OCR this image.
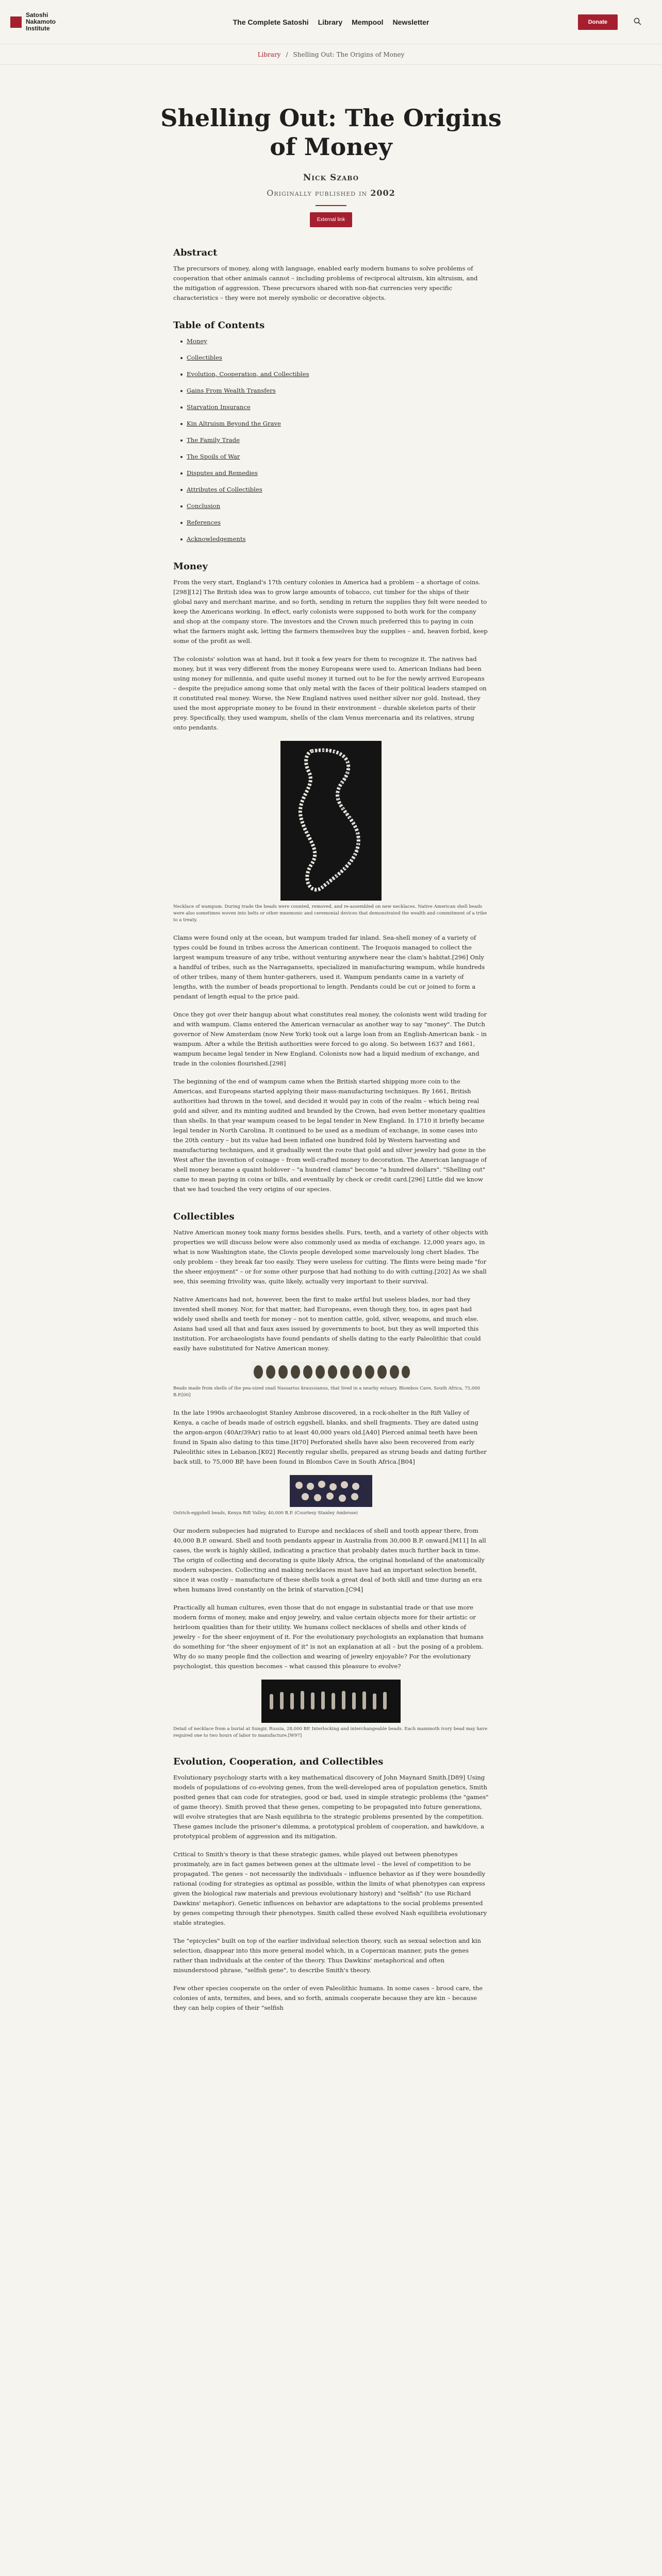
Satoshi Nakamoto Institute
The Complete Satoshi Library Mempool Newsletter	Donate
Library / Shelling Out: The Origins of Money
Shelling Out: The Origins of Money
Nick Szabo
Originally published in 2002
External link
Abstract

The precursors of money, along with language, enabled early modern humans to solve problems of cooperation that other animals cannot – including problems of reciprocal altruism, kin altruism, and the mitigation of aggression. These precursors shared with non-fiat currencies very specific characteristics – they were not merely symbolic or decorative objects.

Table of Contents
Money
Collectibles
Evolution, Cooperation, and Collectibles
Gains From Wealth Transfers
Starvation Insurance
Kin Altruism Beyond the Grave
The Family Trade
The Spoils of War
Disputes and Remedies
Attributes of Collectibles
Conclusion
References
Acknowledgements
Money

From the very start, England's 17th century colonies in America had a problem – a shortage of coins.[298][12] The British idea was to grow large amounts of tobacco, cut timber for the ships of their global navy and merchant marine, and so forth, sending in return the supplies they felt were needed to keep the Americans working. In effect, early colonists were supposed to both work for the company and shop at the company store. The investors and the Crown much preferred this to paying in coin what the farmers might ask, letting the farmers themselves buy the supplies – and, heaven forbid, keep some of the profit as well.

The colonists' solution was at hand, but it took a few years for them to recognize it. The natives had money, but it was very different from the money Europeans were used to. American Indians had been using money for millennia, and quite useful money it turned out to be for the newly arrived Europeans – despite the prejudice among some that only metal with the faces of their political leaders stamped on it constituted real money. Worse, the New England natives used neither silver nor gold. Instead, they used the most appropriate money to be found in their environment – durable skeleton parts of their prey. Specifically, they used wampum, shells of the clam Venus mercenaria and its relatives, strung onto pendants.

Necklace of wampum. During trade the beads were counted, removed, and re-assembled on new necklaces. Native American shell beads were also sometimes woven into belts or other mnemonic and ceremonial devices that demonstrated the wealth and commitment of a tribe to a treaty.

Clams were found only at the ocean, but wampum traded far inland. Sea-shell money of a variety of types could be found in tribes across the American continent. The Iroquois managed to collect the largest wampum treasure of any tribe, without venturing anywhere near the clam's habitat.[296] Only a handful of tribes, such as the Narragansetts, specialized in manufacturing wampum, while hundreds of other tribes, many of them hunter-gatherers, used it. Wampum pendants came in a variety of lengths, with the number of beads proportional to length. Pendants could be cut or joined to form a pendant of length equal to the price paid.

Once they got over their hangup about what constitutes real money, the colonists went wild trading for and with wampum. Clams entered the American vernacular as another way to say "money". The Dutch governor of New Amsterdam (now New York) took out a large loan from an English-American bank – in wampum. After a while the British authorities were forced to go along. So between 1637 and 1661, wampum became legal tender in New England. Colonists now had a liquid medium of exchange, and trade in the colonies flourished.[298]

The beginning of the end of wampum came when the British started shipping more coin to the Americas, and Europeans started applying their mass-manufacturing techniques. By 1661, British authorities had thrown in the towel, and decided it would pay in coin of the realm – which being real gold and silver, and its minting audited and branded by the Crown, had even better monetary qualities than shells. In that year wampum ceased to be legal tender in New England. In 1710 it briefly became legal tender in North Carolina. It continued to be used as a medium of exchange, in some cases into the 20th century – but its value had been inflated one hundred fold by Western harvesting and manufacturing techniques, and it gradually went the route that gold and silver jewelry had gone in the West after the invention of coinage – from well-crafted money to decoration. The American language of shell money became a quaint holdover – "a hundred clams" become "a hundred dollars". "Shelling out" came to mean paying in coins or bills, and eventually by check or credit card.[296] Little did we know that we had touched the very origins of our species.

Collectibles

Native American money took many forms besides shells. Furs, teeth, and a variety of other objects with properties we will discuss below were also commonly used as media of exchange. 12,000 years ago, in what is now Washington state, the Clovis people developed some marvelously long chert blades. The only problem – they break far too easily. They were useless for cutting. The flints were being made "for the sheer enjoyment" – or for some other purpose that had nothing to do with cutting.[202] As we shall see, this seeming frivolity was, quite likely, actually very important to their survival.

Native Americans had not, however, been the first to make artful but useless blades, nor had they invented shell money. Nor, for that matter, had Europeans, even though they, too, in ages past had widely used shells and teeth for money – not to mention cattle, gold, silver, weapons, and much else. Asians had used all that and faux axes issued by governments to boot, but they as well imported this institution. For archaeologists have found pendants of shells dating to the early Paleolithic that could easily have substituted for Native American money.

Beads made from shells of the pea-sized snail Nassarius kraussianus, that lived in a nearby estuary. Blombos Cave, South Africa, 75,000 B.P.[00]

In the late 1990s archaeologist Stanley Ambrose discovered, in a rock-shelter in the Rift Valley of Kenya, a cache of beads made of ostrich eggshell, blanks, and shell fragments. They are dated using the argon-argon (40Ar/39Ar) ratio to at least 40,000 years old.[A40] Pierced animal teeth have been found in Spain also dating to this time.[H70] Perforated shells have also been recovered from early Paleolithic sites in Lebanon.[K02] Recently regular shells, prepared as strung beads and dating further back still, to 75,000 BP, have been found in Blombos Cave in South Africa.[B04]

Ostrich-eggshell beads, Kenya Rift Valley, 40,000 B.P. (Courtesy Stanley Ambrose)

Our modern subspecies had migrated to Europe and necklaces of shell and tooth appear there, from 40,000 B.P. onward. Shell and tooth pendants appear in Australia from 30,000 B.P. onward.[M11] In all cases, the work is highly skilled, indicating a practice that probably dates much further back in time. The origin of collecting and decorating is quite likely Africa, the original homeland of the anatomically modern subspecies. Collecting and making necklaces must have had an important selection benefit, since it was costly – manufacture of these shells took a great deal of both skill and time during an era when humans lived constantly on the brink of starvation.[C94]

Practically all human cultures, even those that do not engage in substantial trade or that use more modern forms of money, make and enjoy jewelry, and value certain objects more for their artistic or heirloom qualities than for their utility. We humans collect necklaces of shells and other kinds of jewelry – for the sheer enjoyment of it. For the evolutionary psychologists an explanation that humans do something for "the sheer enjoyment of it" is not an explanation at all – but the posing of a problem. Why do so many people find the collection and wearing of jewelry enjoyable? For the evolutionary psychologist, this question becomes – what caused this pleasure to evolve?

Detail of necklace from a burial at Sungir, Russia, 28,000 BP. Interlocking and interchangeable beads. Each mammoth ivory bead may have required one to two hours of labor to manufacture.[W97]
Evolution, Cooperation, and Collectibles

Evolutionary psychology starts with a key mathematical discovery of John Maynard Smith.[D89] Using models of populations of co-evolving genes, from the well-developed area of population genetics, Smith posited genes that can code for strategies, good or bad, used in simple strategic problems (the "games" of game theory). Smith proved that these genes, competing to be propagated into future generations, will evolve strategies that are Nash equilibria to the strategic problems presented by the competition. These games include the prisoner's dilemma, a prototypical problem of cooperation, and hawk/dove, a prototypical problem of aggression and its mitigation.

Critical to Smith's theory is that these strategic games, while played out between phenotypes proximately, are in fact games between genes at the ultimate level – the level of competition to be propagated. The genes – not necessarily the individuals – influence behavior as if they were boundedly rational (coding for strategies as optimal as possible, within the limits of what phenotypes can express given the biological raw materials and previous evolutionary history) and "selfish" (to use Richard Dawkins' metaphor). Genetic influences on behavior are adaptations to the social problems presented by genes competing through their phenotypes. Smith called these evolved Nash equilibria evolutionary stable strategies.

The "epicycles" built on top of the earlier individual selection theory, such as sexual selection and kin selection, disappear into this more general model which, in a Copernican manner, puts the genes rather than individuals at the center of the theory. Thus Dawkins' metaphorical and often misunderstood phrase, "selfish gene", to describe Smith's theory.

Few other species cooperate on the order of even Paleolithic humans. In some cases – brood care, the colonies of ants, termites, and bees, and so forth, animals cooperate because they are kin – because they can help copies of their "selfish
